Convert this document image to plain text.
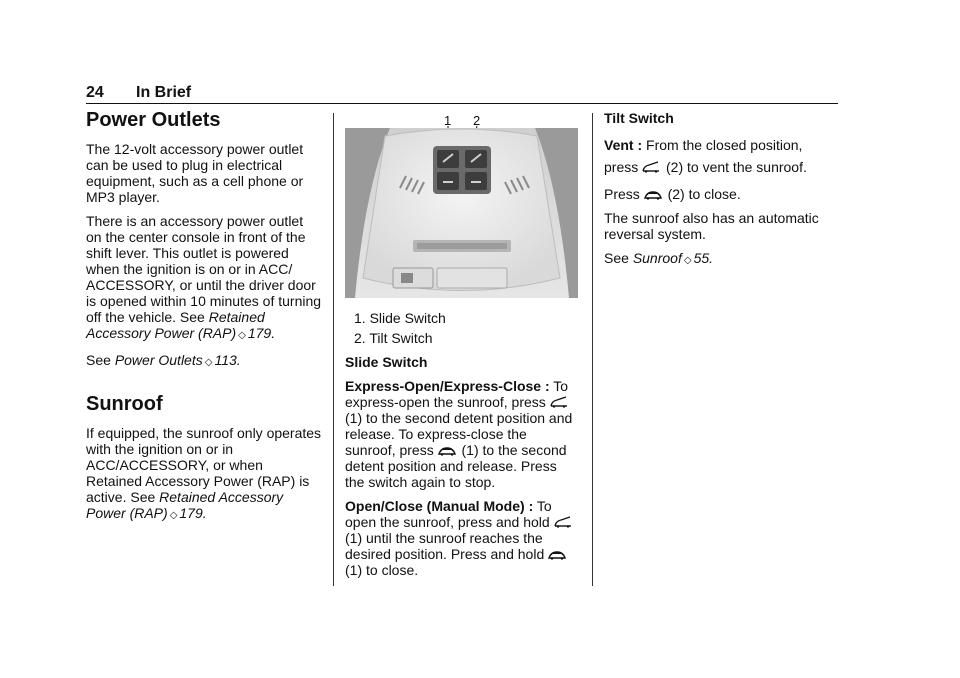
24 In Brief
Power Outlets

The 12-volt accessory power outlet can be used to plug in electrical equipment, such as a cell phone or MP3 player.

There is an accessory power outlet on the center console in front of the shift lever. This outlet is powered when the ignition is on or in ACC/ ACCESSORY, or until the driver door is opened within 10 minutes of turning off the vehicle. See Retained Accessory Power (RAP) ◇ 179.

See Power Outlets ◇ 113.

Sunroof

If equipped, the sunroof only operates with the ignition on or in ACC/ACCESSORY, or when Retained Accessory Power (RAP) is active. See Retained Accessory Power (RAP) ◇ 179.

1 2
1. Slide Switch
2. Tilt Switch

Slide Switch

Express-Open/Express-Close : To express-open the sunroof, press  (1) to the second detent position and release. To express-close the sunroof, press  (1) to the second detent position and release. Press the switch again to stop.

Open/Close (Manual Mode) : To open the sunroof, press and hold  (1) until the sunroof reaches the desired position. Press and hold  (1) to close.

Tilt Switch

Vent : From the closed position, press  (2) to vent the sunroof.

Press  (2) to close.

The sunroof also has an automatic reversal system.

See Sunroof ◇ 55.
